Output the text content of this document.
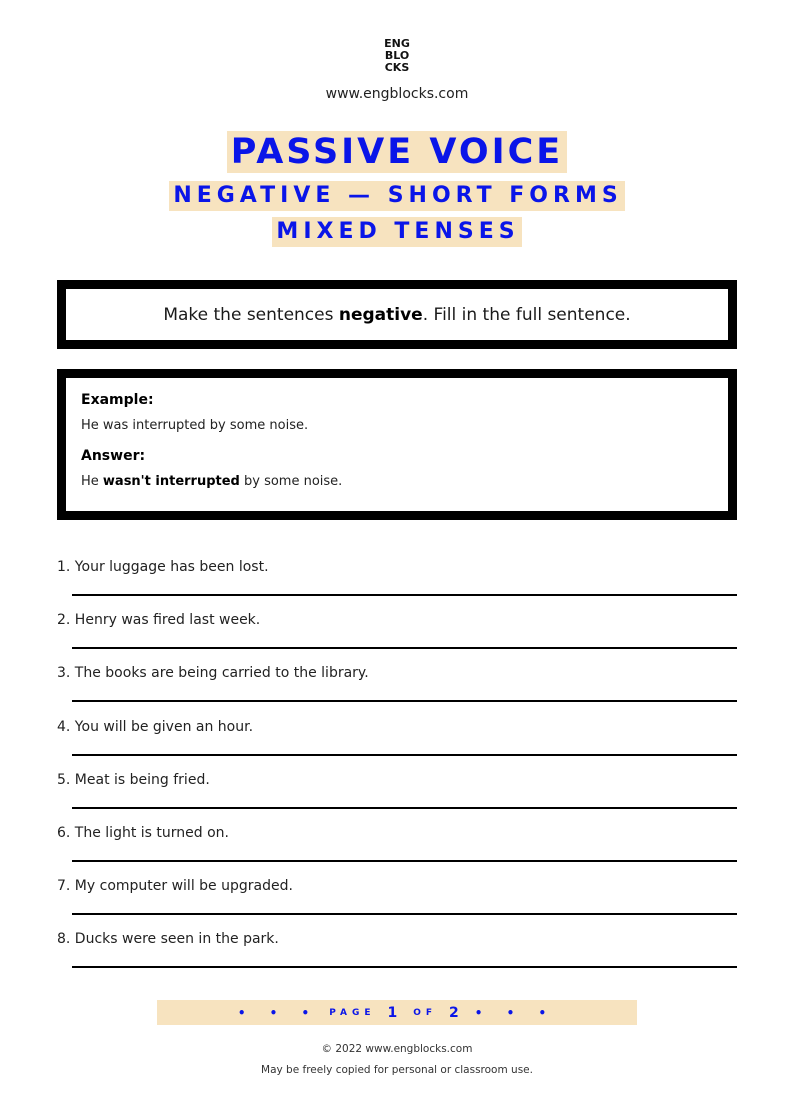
ENG
BLO
CKS
www.engblocks.com
PASSIVE VOICE
NEGATIVE — SHORT FORMS
MIXED TENSES
Make the sentences negative. Fill in the full sentence.
Example:
He was interrupted by some noise.
Answer:
He wasn't interrupted by some noise.
1. Your luggage has been lost.
2. Henry was fired last week.
3. The books are being carried to the library.
4. You will be given an hour.
5. Meat is being fried.
6. The light is turned on.
7. My computer will be upgraded.
8. Ducks were seen in the park.
• • • PAGE 1 OF 2 • • •
© 2022 www.engblocks.com
May be freely copied for personal or classroom use.
